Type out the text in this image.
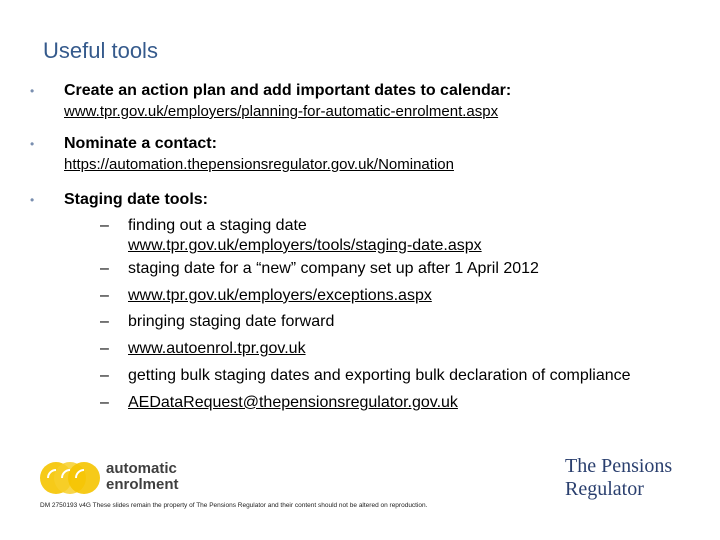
Useful tools
•	Create an action plan and add important dates to calendar:
www.tpr.gov.uk/employers/planning-for-automatic-enrolment.aspx
•	Nominate a contact:
https://automation.thepensionsregulator.gov.uk/Nomination
•	Staging date tools:
–	finding out a staging date
www.tpr.gov.uk/employers/tools/staging-date.aspx
–	staging date for a “new” company set up after 1 April 2012
–	www.tpr.gov.uk/employers/exceptions.aspx
–	bringing staging date forward
–	www.autoenrol.tpr.gov.uk
–	getting bulk staging dates and exporting bulk declaration of compliance
–	AEDataRequest@thepensionsregulator.gov.uk
automatic
enrolment
The Pensions
Regulator
DM 2750193 v4G These slides remain the property of The Pensions Regulator and their content should not be altered on reproduction.
